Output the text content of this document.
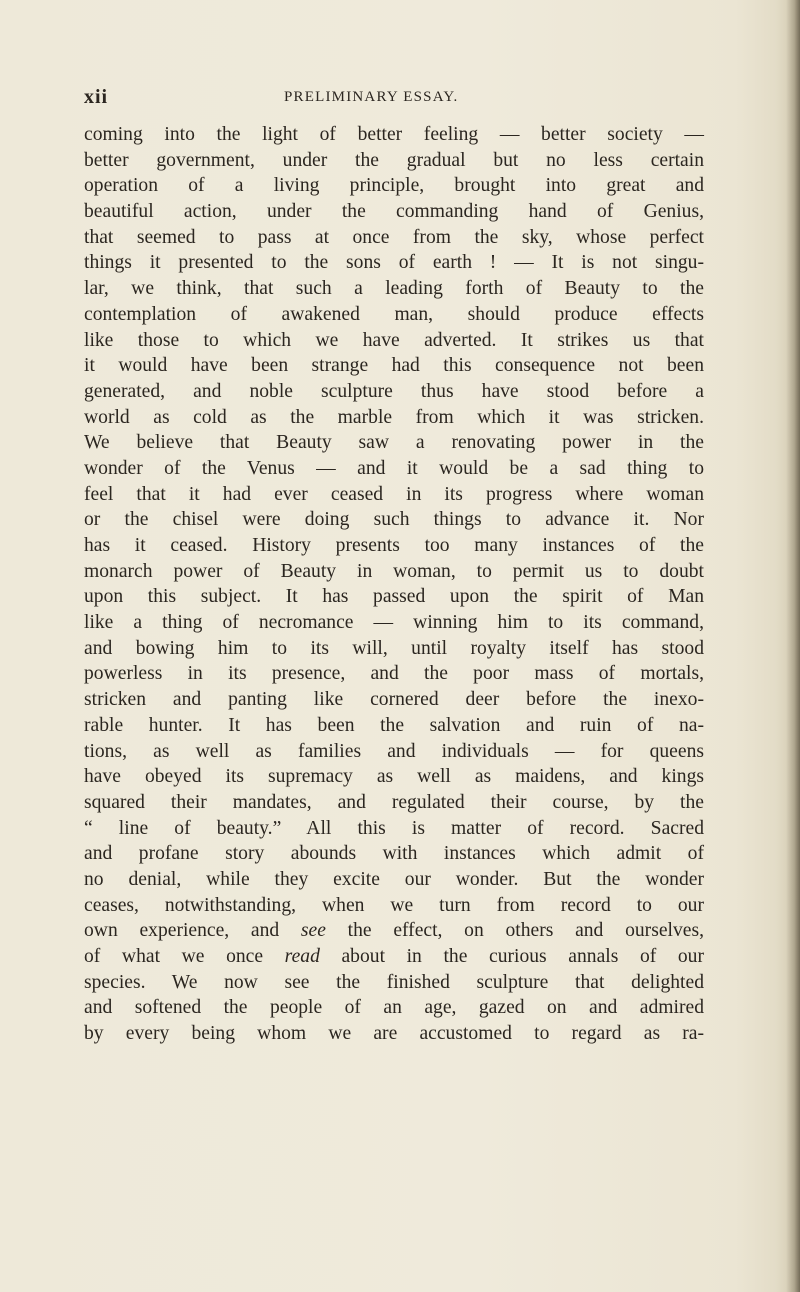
xii	PRELIMINARY ESSAY.
coming into the light of better feeling — better society —
better government, under the gradual but no less certain
operation of a living principle, brought into great and
beautiful action, under the commanding hand of Genius,
that seemed to pass at once from the sky, whose perfect
things it presented to the sons of earth ! — It is not singu-
lar, we think, that such a leading forth of Beauty to the
contemplation of awakened man, should produce effects
like those to which we have adverted. It strikes us that
it would have been strange had this consequence not been
generated, and noble sculpture thus have stood before a
world as cold as the marble from which it was stricken.
We believe that Beauty saw a renovating power in the
wonder of the Venus — and it would be a sad thing to
feel that it had ever ceased in its progress where woman
or the chisel were doing such things to advance it. Nor
has it ceased. History presents too many instances of the
monarch power of Beauty in woman, to permit us to doubt
upon this subject. It has passed upon the spirit of Man
like a thing of necromance — winning him to its command,
and bowing him to its will, until royalty itself has stood
powerless in its presence, and the poor mass of mortals,
stricken and panting like cornered deer before the inexo-
rable hunter. It has been the salvation and ruin of na-
tions, as well as families and individuals — for queens
have obeyed its supremacy as well as maidens, and kings
squared their mandates, and regulated their course, by the
“ line of beauty.” All this is matter of record. Sacred
and profane story abounds with instances which admit of
no denial, while they excite our wonder. But the wonder
ceases, notwithstanding, when we turn from record to our
own experience, and see the effect, on others and ourselves,
of what we once read about in the curious annals of our
species. We now see the finished sculpture that delighted
and softened the people of an age, gazed on and admired
by every being whom we are accustomed to regard as ra-
